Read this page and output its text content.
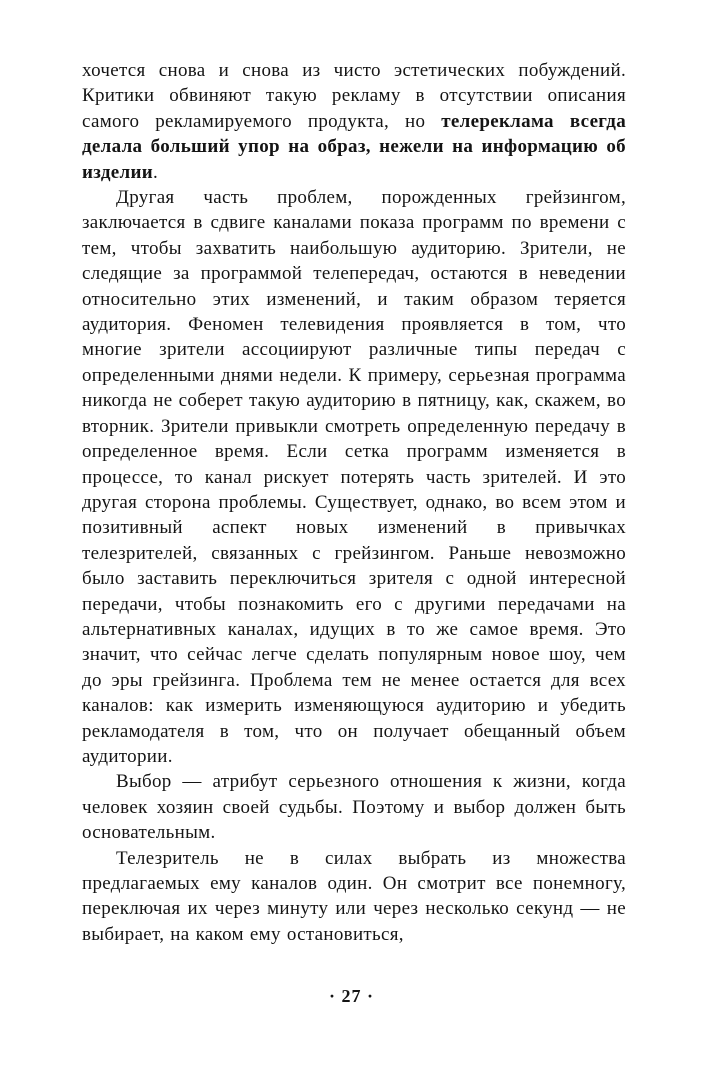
хочется снова и снова из чисто эстетических побуждений. Критики обвиняют такую рекламу в отсутствии описания самого рекламируемого продукта, но телереклама всегда делала больший упор на образ, нежели на информацию об изделии.

Другая часть проблем, порожденных грейзингом, заключается в сдвиге каналами показа программ по времени с тем, чтобы захватить наибольшую аудиторию. Зрители, не следящие за программой телепередач, остаются в неведении относительно этих изменений, и таким образом теряется аудитория. Феномен телевидения проявляется в том, что многие зрители ассоциируют различные типы передач с определенными днями недели. К примеру, серьезная программа никогда не соберет такую аудиторию в пятницу, как, скажем, во вторник. Зрители привыкли смотреть определенную передачу в определенное время. Если сетка программ изменяется в процессе, то канал рискует потерять часть зрителей. И это другая сторона проблемы. Существует, однако, во всем этом и позитивный аспект новых изменений в привычках телезрителей, связанных с грейзингом. Раньше невозможно было заставить переключиться зрителя с одной интересной передачи, чтобы познакомить его с другими передачами на альтернативных каналах, идущих в то же самое время. Это значит, что сейчас легче сделать популярным новое шоу, чем до эры грейзинга. Проблема тем не менее остается для всех каналов: как измерить изменяющуюся аудиторию и убедить рекламодателя в том, что он получает обещанный объем аудитории.

Выбор — атрибут серьезного отношения к жизни, когда человек хозяин своей судьбы. Поэтому и выбор должен быть основательным.

Телезритель не в силах выбрать из множества предлагаемых ему каналов один. Он смотрит все понемногу, переключая их через минуту или через несколько секунд — не выбирает, на каком ему остановиться,

· 27 ·
